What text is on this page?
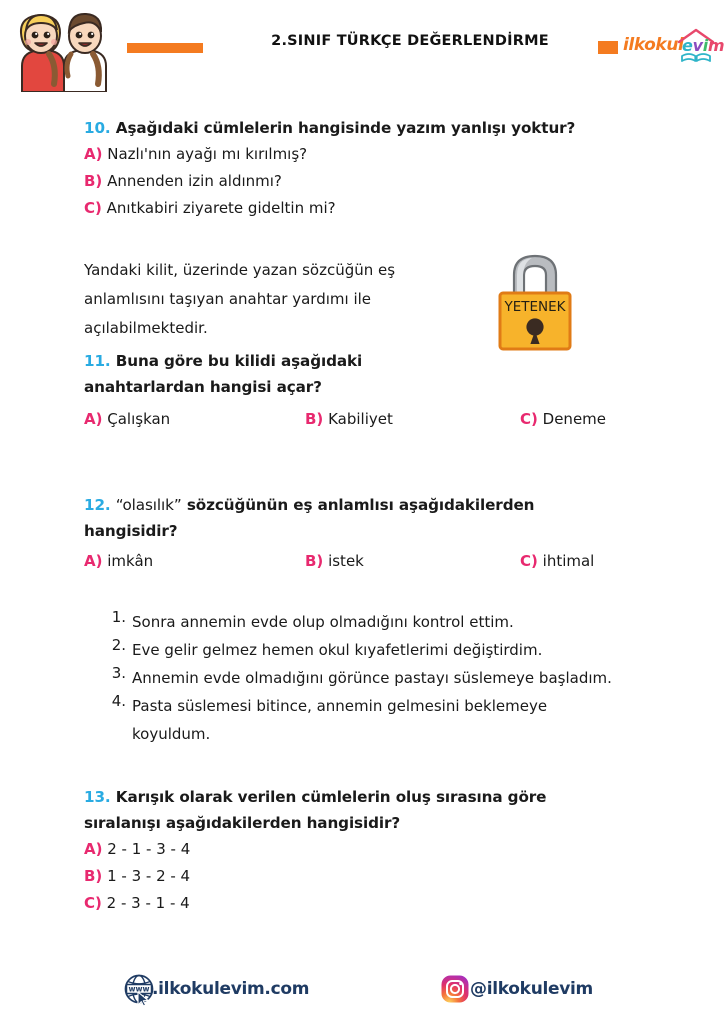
2.SINIF TÜRKÇE DEĞERLENDİRME	ilkokul
evim
10. Aşağıdaki cümlelerin hangisinde yazım yanlışı yoktur?
A) Nazlı'nın ayağı mı kırılmış?
B) Annenden izin aldınmı?
C) Anıtkabiri ziyarete gideltin mi?
Yandaki kilit, üzerinde yazan sözcüğün eş
anlamlısını taşıyan anahtar yardımı ile
açılabilmektedir.
YETENEK
11. Buna göre bu kilidi aşağıdaki
anahtarlardan hangisi açar?
A) Çalışkan	B) Kabiliyet	C) Deneme
12. “olasılık” sözcüğünün eş anlamlısı aşağıdakilerden
hangisidir?
A) imkân	B) istek	C) ihtimal
1. Sonra annemin evde olup olmadığını kontrol ettim.
2. Eve gelir gelmez hemen okul kıyafetlerimi değiştirdim.
3. Annemin evde olmadığını görünce pastayı süslemeye başladım.
4. Pasta süslemesi bitince, annemin gelmesini beklemeye koyuldum.
13. Karışık olarak verilen cümlelerin oluş sırasına göre
sıralanışı aşağıdakilerden hangisidir?
A) 2 - 1 - 3 - 4
B) 1 - 3 - 2 - 4
C) 2 - 3 - 1 - 4
www .ilkokulevim.com	@ilkokulevim
